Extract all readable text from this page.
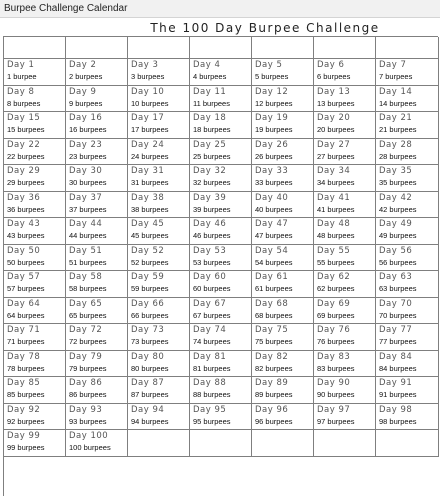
Burpee Challenge Calendar
The 100 Day Burpee Challenge
Day 1
1 burpee
Day 2
2 burpees
Day 3
3 burpees
Day 4
4 burpees
Day 5
5 burpees
Day 6
6 burpees
Day 7
7 burpees
Day 8
8 burpees
Day 9
9 burpees
Day 10
10 burpees
Day 11
11 burpees
Day 12
12 burpees
Day 13
13 burpees
Day 14
14 burpees
Day 15
15 burpees
Day 16
16 burpees
Day 17
17 burpees
Day 18
18 burpees
Day 19
19 burpees
Day 20
20 burpees
Day 21
21 burpees
Day 22
22 burpees
Day 23
23 burpees
Day 24
24 burpees
Day 25
25 burpees
Day 26
26 burpees
Day 27
27 burpees
Day 28
28 burpees
Day 29
29 burpees
Day 30
30 burpees
Day 31
31 burpees
Day 32
32 burpees
Day 33
33 burpees
Day 34
34 burpees
Day 35
35 burpees
Day 36
36 burpees
Day 37
37 burpees
Day 38
38 burpees
Day 39
39 burpees
Day 40
40 burpees
Day 41
41 burpees
Day 42
42 burpees
Day 43
43 burpees
Day 44
44 burpees
Day 45
45 burpees
Day 46
46 burpees
Day 47
47 burpees
Day 48
48 burpees
Day 49
49 burpees
Day 50
50 burpees
Day 51
51 burpees
Day 52
52 burpees
Day 53
53 burpees
Day 54
54 burpees
Day 55
55 burpees
Day 56
56 burpees
Day 57
57 burpees
Day 58
58 burpees
Day 59
59 burpees
Day 60
60 burpees
Day 61
61 burpees
Day 62
62 burpees
Day 63
63 burpees
Day 64
64 burpees
Day 65
65 burpees
Day 66
66 burpees
Day 67
67 burpees
Day 68
68 burpees
Day 69
69 burpees
Day 70
70 burpees
Day 71
71 burpees
Day 72
72 burpees
Day 73
73 burpees
Day 74
74 burpees
Day 75
75 burpees
Day 76
76 burpees
Day 77
77 burpees
Day 78
78 burpees
Day 79
79 burpees
Day 80
80 burpees
Day 81
81 burpees
Day 82
82 burpees
Day 83
83 burpees
Day 84
84 burpees
Day 85
85 burpees
Day 86
86 burpees
Day 87
87 burpees
Day 88
88 burpees
Day 89
89 burpees
Day 90
90 burpees
Day 91
91 burpees
Day 92
92 burpees
Day 93
93 burpees
Day 94
94 burpees
Day 95
95 burpees
Day 96
96 burpees
Day 97
97 burpees
Day 98
98 burpees
Day 99
99 burpees
Day 100
100 burpees
